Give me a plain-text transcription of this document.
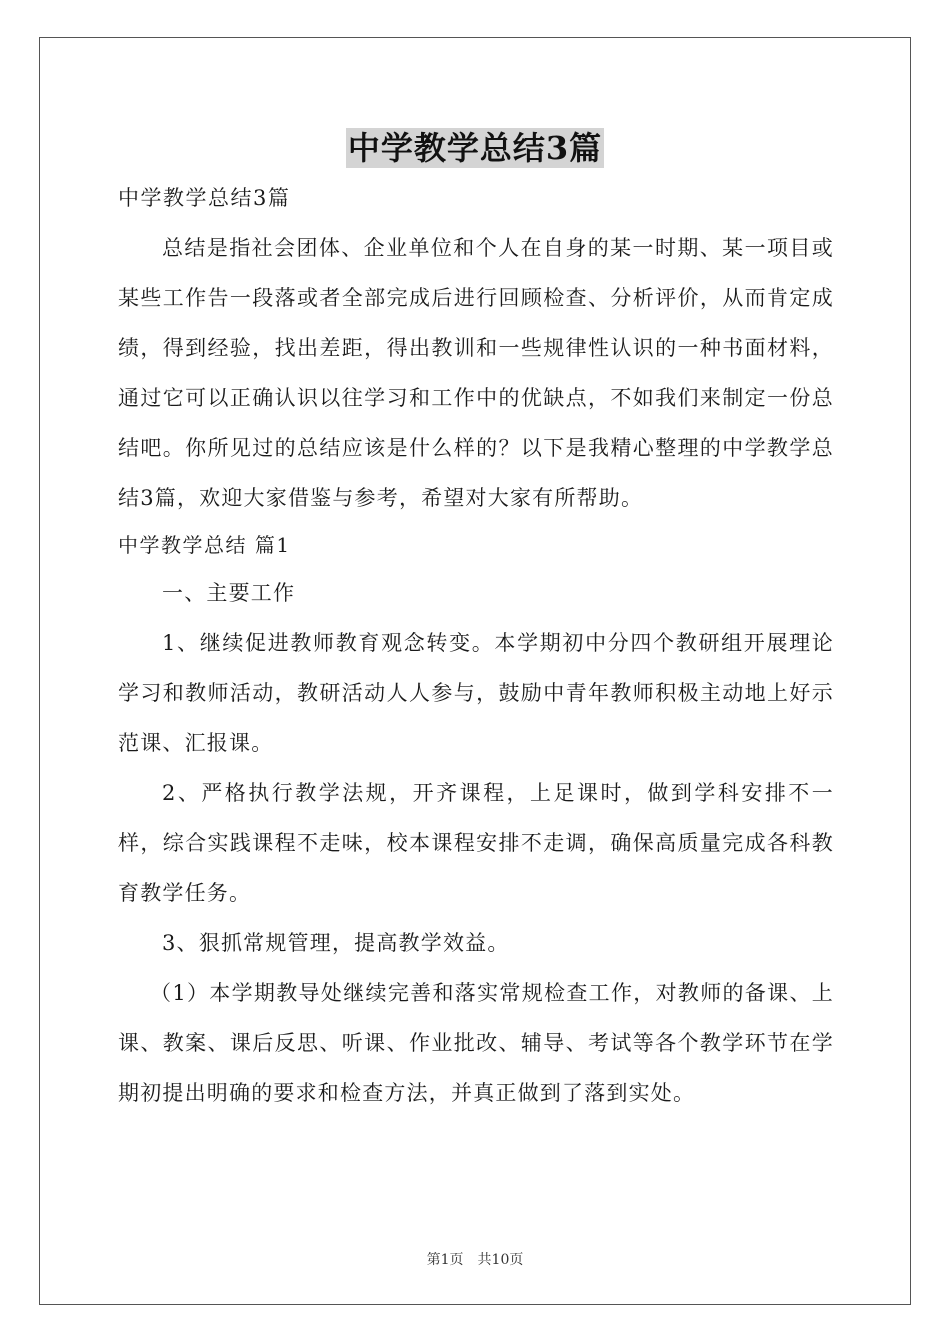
中学教学总结3篇

中学教学总结3篇

总结是指社会团体、企业单位和个人在自身的某一时期、某一项目或某些工作告一段落或者全部完成后进行回顾检查、分析评价，从而肯定成绩，得到经验，找出差距，得出教训和一些规律性认识的一种书面材料，通过它可以正确认识以往学习和工作中的优缺点，不如我们来制定一份总结吧。你所见过的总结应该是什么样的？以下是我精心整理的中学教学总结3篇，欢迎大家借鉴与参考，希望对大家有所帮助。

中学教学总结 篇1

一、主要工作

1、继续促进教师教育观念转变。本学期初中分四个教研组开展理论学习和教师活动，教研活动人人参与，鼓励中青年教师积极主动地上好示范课、汇报课。

2、严格执行教学法规，开齐课程，上足课时，做到学科安排不一样，综合实践课程不走味，校本课程安排不走调，确保高质量完成各科教育教学任务。

3、狠抓常规管理，提高教学效益。

（1）本学期教导处继续完善和落实常规检查工作，对教师的备课、上课、教案、课后反思、听课、作业批改、辅导、考试等各个教学环节在学期初提出明确的要求和检查方法，并真正做到了落到实处。

第1页　共10页
